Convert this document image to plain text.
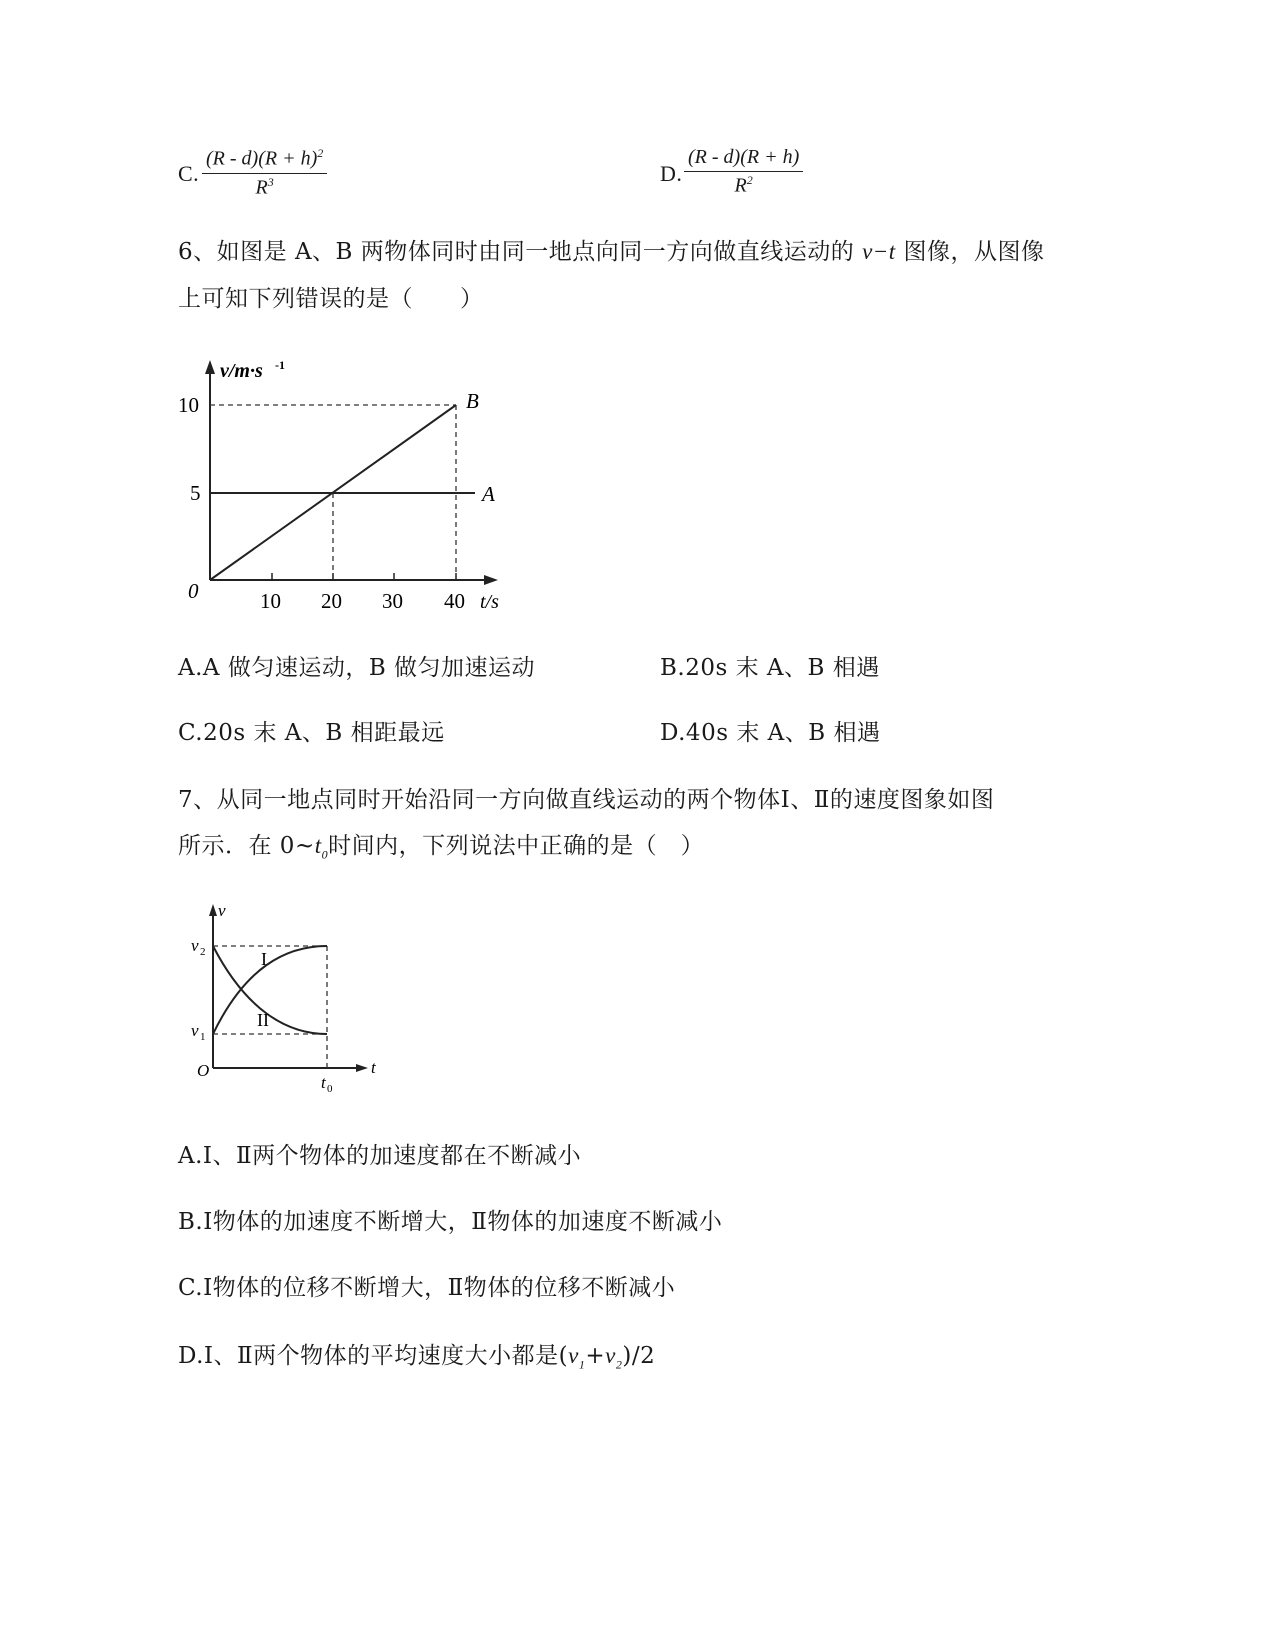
C. $\frac{(R - d)(R + h)^2}{R^3}$	D. $\frac{(R - d)(R + h)}{R^2}$
6、如图是 A、B 两物体同时由同一地点向同一方向做直线运动的 v−t 图像，从图像
上可知下列错误的是（　　）
v/m·s -1
10
5
0	10 20 30 40 t/s
B
A
A.A 做匀速运动，B 做匀加速运动	B.20s 末 A、B 相遇
C.20s 末 A、B 相距最远	D.40s 末 A、B 相遇
7、从同一地点同时开始沿同一方向做直线运动的两个物体Ⅰ、Ⅱ的速度图象如图
所示．在 $0\sim t_0$时间内，下列说法中正确的是（　）
v
t
O
v 2
v 1
t 0
I
II
A.Ⅰ、Ⅱ两个物体的加速度都在不断减小
B.Ⅰ物体的加速度不断增大，Ⅱ物体的加速度不断减小
C.Ⅰ物体的位移不断增大，Ⅱ物体的位移不断减小
D.Ⅰ、Ⅱ两个物体的平均速度大小都是$(v_1+v_2)/2$
